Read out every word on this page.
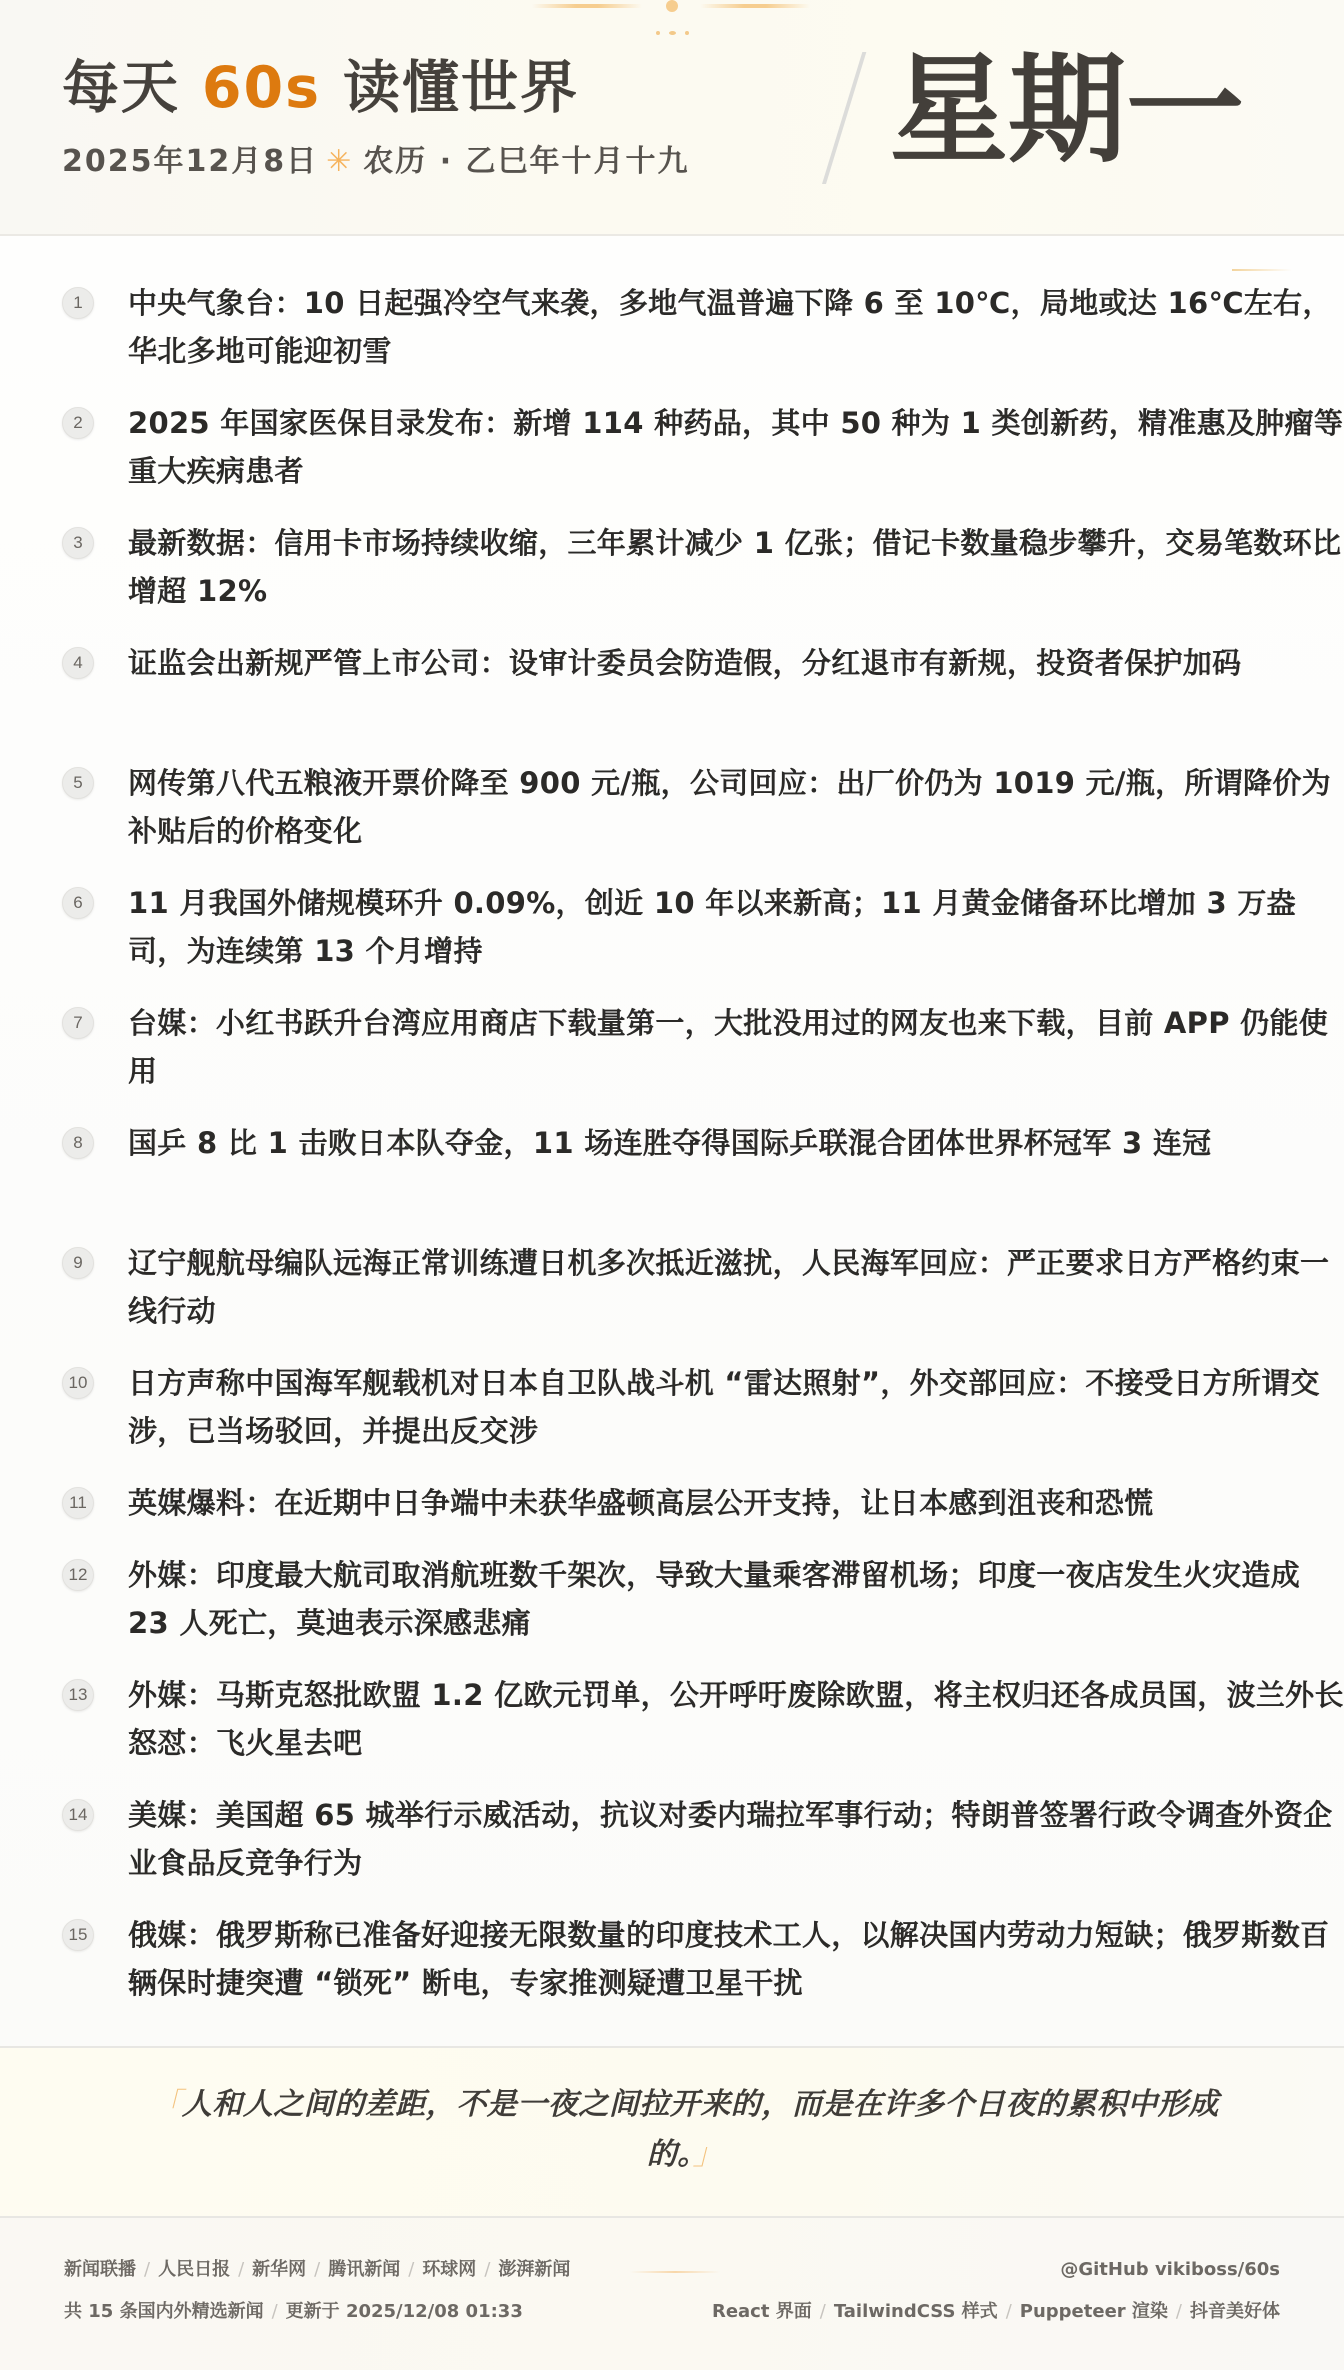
每天 60s 读懂世界
2025年12月8日 ✳ 农历 · 乙巳年十月十九 星期一
1	中央气象台：10 日起强冷空气来袭，多地气温普遍下降 6 至 10℃，局地或达 16℃左右，华北多地可能迎初雪
2	2025 年国家医保目录发布：新增 114 种药品，其中 50 种为 1 类创新药，精准惠及肿瘤等重大疾病患者
3	最新数据：信用卡市场持续收缩，三年累计减少 1 亿张；借记卡数量稳步攀升，交易笔数环比增超 12%
4	证监会出新规严管上市公司：设审计委员会防造假，分红退市有新规，投资者保护加码
5	网传第八代五粮液开票价降至 900 元/瓶，公司回应：出厂价仍为 1019 元/瓶，所谓降价为补贴后的价格变化
6	11 月我国外储规模环升 0.09%，创近 10 年以来新高；11 月黄金储备环比增加 3 万盎司，为连续第 13 个月增持
7	台媒：小红书跃升台湾应用商店下载量第一，大批没用过的网友也来下载，目前 APP 仍能使用
8	国乒 8 比 1 击败日本队夺金，11 场连胜夺得国际乒联混合团体世界杯冠军 3 连冠
9	辽宁舰航母编队远海正常训练遭日机多次抵近滋扰，人民海军回应：严正要求日方严格约束一线行动
10 日方声称中国海军舰载机对日本自卫队战斗机 “雷达照射”，外交部回应：不接受日方所谓交涉，已当场驳回，并提出反交涉
11 英媒爆料：在近期中日争端中未获华盛顿高层公开支持，让日本感到沮丧和恐慌
12 外媒：印度最大航司取消航班数千架次，导致大量乘客滞留机场；印度一夜店发生火灾造成 23 人死亡，莫迪表示深感悲痛
13 外媒：马斯克怒批欧盟 1.2 亿欧元罚单，公开呼吁废除欧盟，将主权归还各成员国，波兰外长怒怼：飞火星去吧
14 美媒：美国超 65 城举行示威活动，抗议对委内瑞拉军事行动；特朗普签署行政令调查外资企业食品反竞争行为
15 俄媒：俄罗斯称已准备好迎接无限数量的印度技术工人，以解决国内劳动力短缺；俄罗斯数百辆保时捷突遭 “锁死” 断电，专家推测疑遭卫星干扰
「人和人之间的差距，不是一夜之间拉开来的，而是在许多个日夜的累积中形成的。」
新闻联播 / 人民日报 / 新华网 / 腾讯新闻 / 环球网 / 澎湃新闻
共 15 条国内外精选新闻 / 更新于 2025/12/08 01:33
@GitHub vikiboss/60s
React 界面 / TailwindCSS 样式 / Puppeteer 渲染 / 抖音美好体
